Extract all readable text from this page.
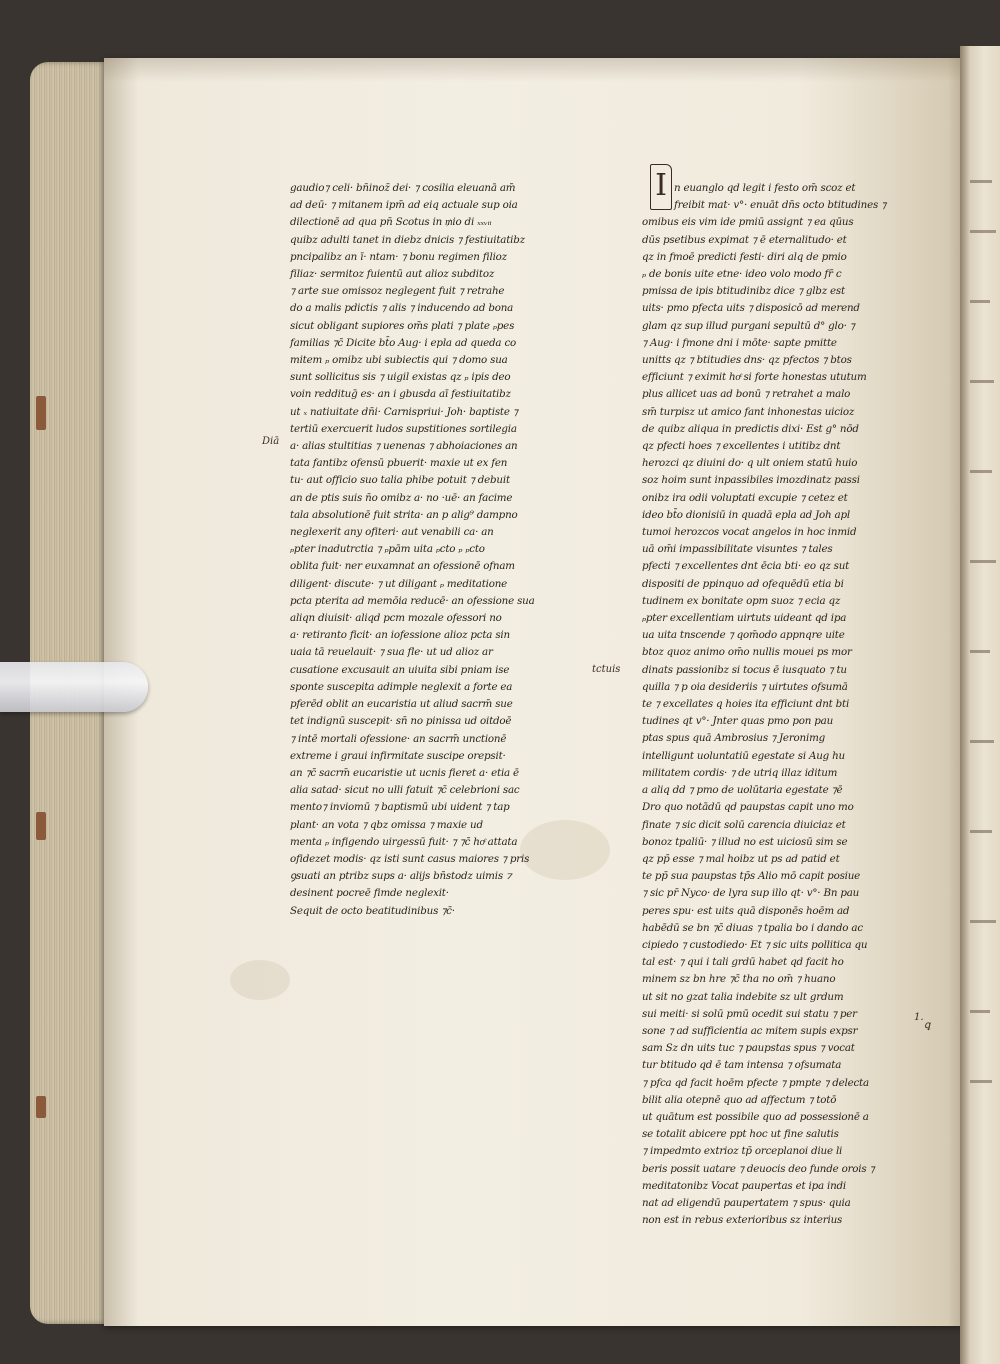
gaudio⁊ celi· bn̄inoz̄ dei· ⁊ cosilia eleuanā am̄
ad deū· ⁊ mitanem ipm̄ ad eiq actuale sup oia
dilectionē ad qua pn̄ Scotus in ₥io di ₓₓᵥᵢᵢ
quibz adulti tanet in diebz dnicis ⁊ festiuitatibz
pncipalibz an ī· ntam· ⁊ bonu regimen filioz
filiaz· sermitoz fuientū aut alioz subditoz
⁊ arte sue omissoz neglegent fuit ⁊ retrahe
do a malis pdictis ⁊ alis ⁊ inducendo ad bona
sicut obligant supiores om̄s plati ⁊ plate ₚpes
familias ⁊c̄ Dicite bt̄o Aug· i epla ad queda co
mitem ₚ omibz ubi subiectis qui ⁊ domo sua
sunt sollicitus sis ⁊ uigil existas qz ₚ ipis deo
voin reddituḡ es· an i gbusda aī festiuitatibz
ut ₓ natiuitate dn̄i· Carnispriui· Joh· baptiste ⁊
tertiū exercuerit ludos supstitiones sortilegia
a· alias stultitias ⁊ uenenas ⁊ abhoiaciones an
tatа fantibz ofensū pbuerit· maxie ut ex fen
tu· aut officio suo talia phibe potuit ⁊ debuit
an de ptis suis n̄o omibz a· no ·uē· an facime
tala absolutionē fuit strita· an p alig⁹ dampno
neglexerit any ofiteri· aut venabili ca· an
ₚpter inadutrctia ⁊ ₚpām uita ₚcto ₚ ₚcto
oblita fuit· ner euxamnat an ofessionē ofnam
diligent· discute· ⁊ ut diligant ₚ meditatione
pcta pterita ad memōia reducē· an ofessione sua
aliqn diuisit· aliqd pcm mozale ofessori no
a· retiranto ficit· an iofessione alioz pcta sin
uaia tā reuelauit· ⁊ sua fle· ut ud alioz ar
cusatione excusauit an uiuita sibi pniam ise
sponte suscepita adimple neglexit a forte ea
pferēd oblit an eucaristia ut aliud sacrm̄ sue
tet indignū suscepit· sn̄ no pinissa ud oitdoē
⁊ intē mortali ofessione· an sacrm̄ unctionē
extreme i graui infirmitate suscipe orepsit·
an ⁊c̄ sacrm̄ eucaristie ut ucnis fieret a· etia ē
alia satad· sicut no ulli fatuit ⁊c̄ celebrioni sac
mento⁊ inviomū ⁊ baptismū ubi uident ⁊ tap
plant· an vota ⁊ qbz omissa ⁊ maxie ud
menta ₚ infigendo uirgessū fuit· ⁊ ⁊c̄ hoͤ attata
ofidezet modis· qz isti sunt casus maiores ⁊ pris
ꝯsuati an ptribz sups a· alijs bn̄stodz uimis ⁊
desinent pocreē fimde neglexit·
Sequit de octo beatitudinibus ⁊c̄·
I n euanglo qd legit i festo om̄ scoz et
freibit mat· v°· enuāt dn̄s octo btitudines ⁊
omibus eis vim ide pmiū assignt ⁊ ea qūus
dūs psetibus expimat ⁊ ē eternalitudo· et
qz in fmoē predicti festi· diri alq de pmio
ₚ de bonis uite etne· ideo volo modo fr̄ c
pmissa de ipis btitudinibz dice ⁊ glbz est
uits· pmo pfecta uits ⁊ disposicō ad merend
glam qz sup illud purgani sepultū d° glo· ⁊
⁊ Aug· i fmone dni i mōte· sapte pmitte
unitts qz ⁊ btitudies dns· qz pfectos ⁊ btos
efficiunt ⁊ eximit hoͤ si forte honestas ututum
plus allicet uas ad bonū ⁊ retrahet a malo
sm̄ turpisz ut amico fant inhonestas uicioz
de quibz aliqua in predictis dixi· Est g° nōd
qz pfecti hoes ⁊ excellentes i utitibz dnt
herozci qz diuini do· q ult oniem statū huio
soz hoim sunt inpassibiles imozdinatz passi
onibz ira odii voluptati excupie ⁊ cetez et
ideo bt̄o dionisiū in quadā epla ad Joh apl
tumoi herozcos vocat angelos in hoc inmid
uā om̄i impassibilitate visuntes ⁊ tales
pfecti ⁊ excellentes dnt ēcia bti· eo qz sut
dispositi de ppinquo ad ofequēdū etia bi
tudinem ex bonitate opm suoz ⁊ ecia qz
ₚpter excellentiam uirtuts uideant qd ipa
ua uita tnscende ⁊ qom̄odo appnqre uite
btoz quoz animo om̄o nullis mouei ps mor
dinats passionibz si tocus ē iusquato ⁊ tu
quilla ⁊ p oia desideriis ⁊ uirtutes ofsumā
te ⁊ excellates q hoies ita efficiunt dnt bti
tudines qt v°· Jnter quas pmo pon pau
ptas spus quā Ambrosius ⁊ Jeronimg
intelligunt uoluntatiū egestate si Aug hu
militatem cordis· ⁊ de utriq illaz iditum
a aliq dd ⁊ pmo de uolūtaria egestate ⁊ē
Dro quo notādū qd paupstas capit uno mo
finate ⁊ sic dicit solū carencia diuiciaz et
bonoz tpaliū· ⁊ illud no est uiciosū sim se
qz pp̄ esse ⁊ mal hoibz ut ps ad patid et
te pp̄ sua paupstas tp̄s Alio mō capit posiue
⁊ sic pr̄ Nyco· de lyra sup illo qt· v°· Bn pau
peres spu· est uits quā disponēs hoēm ad
habēdū se bn ⁊c̄ diuas ⁊ tpalia bo i dando ac
cipiedo ⁊ custodiedo· Et ⁊ sic uits pollitica qu
tal est· ⁊ qui i tali grdū habet qd facit ho
minem sz bn hre ⁊c̄ tha no om̄ ⁊ huano
ut sit no gzat talia indebite sz ult grdum
sui meiti· si solū pmū ocedit sui statu ⁊ per
sone ⁊ ad sufficientia ac mitem supis expsr
sam Sz dn uits tuc ⁊ paupstas spus ⁊ vocat
tur btitudo qd ē tam intensa ⁊ ofsumata
⁊ pfca qd facit hoēm pfecte ⁊ pmpte ⁊ delecta
bilit alia otepnē quo ad affectum ⁊ totō
ut quātum est possibile quo ad possessionē a
se totalit abicere ppt hoc ut fine salutis
⁊ impedmto extrioz tp̄ orceplanoi diue li
beris possit uatare ⁊ deuocis deo funde orois ⁊
meditatonibz Vocat paupertas et ipa indi
nat ad eligendū paupertatem ⁊ spus· quia
non est in rebus exterioribus sz interius
Diā
tctuis
1.
ꝗ
